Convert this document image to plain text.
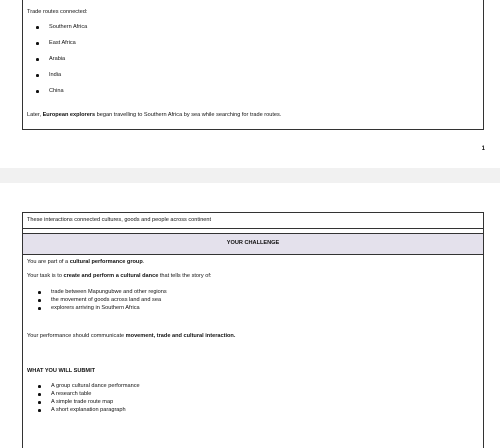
Trade routes connected:
Southern Africa
East Africa
Arabia
India
China
Later, European explorers began travelling to Southern Africa by sea while searching for trade routes.
1
These interactions connected cultures, goods and people across continent
YOUR CHALLENGE
You are part of a cultural performance group.
Your task is to create and perform a cultural dance that tells the story of:
trade between Mapungubwe and other regions
the movement of goods across land and sea
explorers arriving in Southern Africa
Your performance should communicate movement, trade and cultural interaction.
WHAT YOU WILL SUBMIT
A group cultural dance performance
A research table
A simple trade route map
A short explanation paragraph
